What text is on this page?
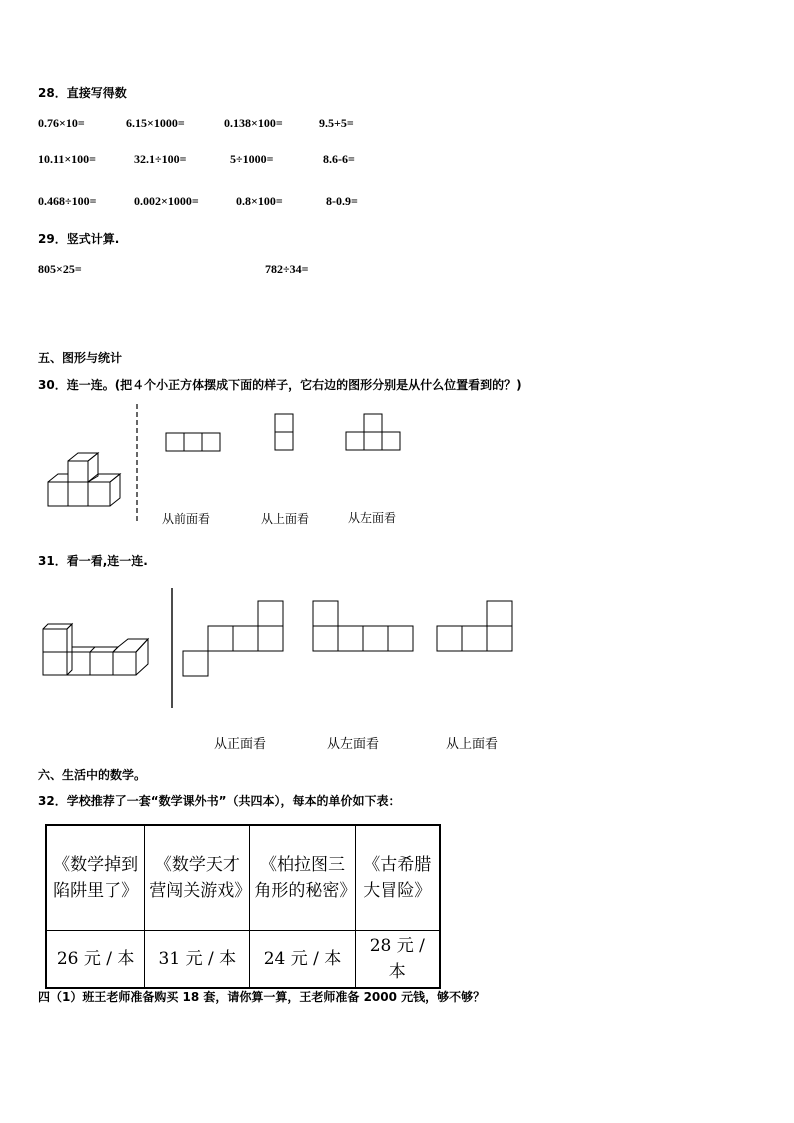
28．直接写得数
0.76×10=	6.15×1000=	0.138×100=	9.5+5=
10.11×100=	32.1÷100=	5÷1000=	8.6-6=
0.468÷100=	0.002×1000=	0.8×100=	8-0.9=
29．竖式计算.
805×25=	782÷34=
五、图形与统计
30．连一连。(把４个小正方体摆成下面的样子，它右边的图形分别是从什么位置看到的？)
从前面看	从上面看	从左面看
31．看一看,连一连.
从正面看	从左面看	从上面看
六、生活中的数学。
32．学校推荐了一套“数学课外书”（共四本），每本的单价如下表：
《数学掉到陷阱里了》	《数学天才营闯关游戏》	《柏拉图三角形的秘密》	《古希腊大冒险》
26 元 / 本	31 元 / 本	24 元 / 本	28 元 / 本
四（1）班王老师准备购买 18 套，请你算一算，王老师准备 2000 元钱，够不够？
